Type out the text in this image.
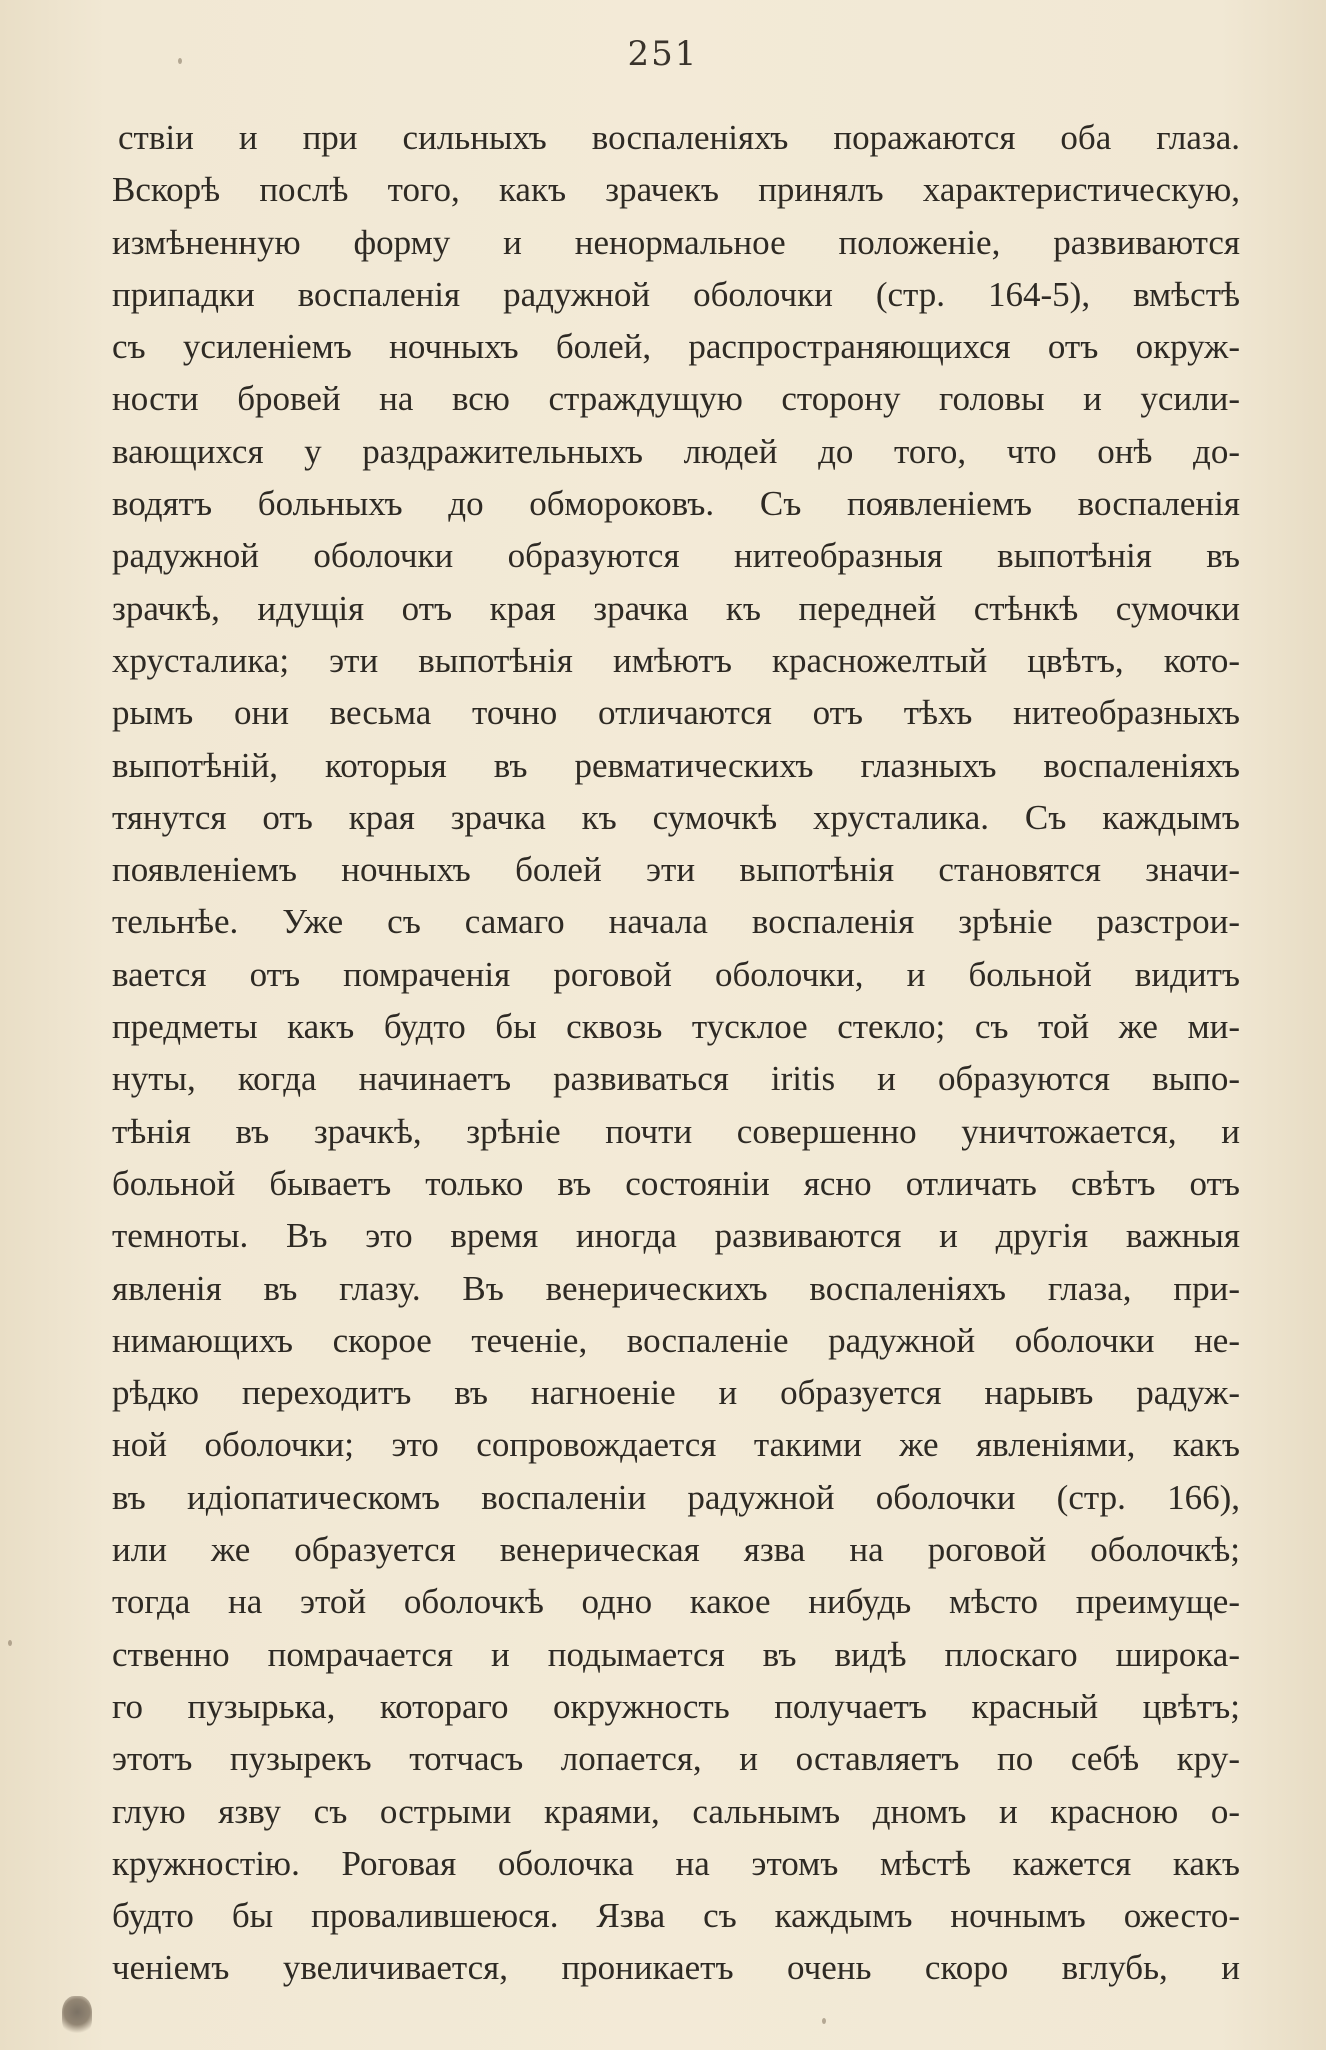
251
ствіи и при сильныхъ воспаленіяхъ поражаются оба глаза.
Вскорѣ послѣ того, какъ зрачекъ принялъ характеристическую,
измѣненную форму и ненормальное положеніе, развиваются
припадки воспаленія радужной оболочки (стр. 164-5), вмѣстѣ
съ усиленіемъ ночныхъ болей, распространяющихся отъ окруж-
ности бровей на всю страждущую сторону головы и усили-
вающихся у раздражительныхъ людей до того, что онѣ до-
водятъ больныхъ до обмороковъ. Съ появленіемъ воспаленія
радужной оболочки образуются нитеобразныя выпотѣнія въ
зрачкѣ, идущія отъ края зрачка къ передней стѣнкѣ сумочки
хрусталика; эти выпотѣнія имѣютъ красножелтый цвѣтъ, кото-
рымъ они весьма точно отличаются отъ тѣхъ нитеобразныхъ
выпотѣній, которыя въ ревматическихъ глазныхъ воспаленіяхъ
тянутся отъ края зрачка къ сумочкѣ хрусталика. Съ каждымъ
появленіемъ ночныхъ болей эти выпотѣнія становятся значи-
тельнѣе. Уже съ самаго начала воспаленія зрѣніе разстрои-
вается отъ помраченія роговой оболочки, и больной видитъ
предметы какъ будто бы сквозь тусклое стекло; съ той же ми-
нуты, когда начинаетъ развиваться iritis и образуются выпо-
тѣнія въ зрачкѣ, зрѣніе почти совершенно уничтожается, и
больной бываетъ только въ состояніи ясно отличать свѣтъ отъ
темноты. Въ это время иногда развиваются и другія важныя
явленія въ глазу. Въ венерическихъ воспаленіяхъ глаза, при-
нимающихъ скорое теченіе, воспаленіе радужной оболочки не-
рѣдко переходитъ въ нагноеніе и образуется нарывъ радуж-
ной оболочки; это сопровождается такими же явленіями, какъ
въ идіопатическомъ воспаленіи радужной оболочки (стр. 166),
или же образуется венерическая язва на роговой оболочкѣ;
тогда на этой оболочкѣ одно какое нибудь мѣсто преимуще-
ственно помрачается и подымается въ видѣ плоскаго широка-
го пузырька, котораго окружность получаетъ красный цвѣтъ;
этотъ пузырекъ тотчасъ лопается, и оставляетъ по себѣ кру-
глую язву съ острыми краями, сальнымъ дномъ и красною о-
кружностію. Роговая оболочка на этомъ мѣстѣ кажется какъ
будто бы провалившеюся. Язва съ каждымъ ночнымъ ожесто-
ченіемъ увеличивается, проникаетъ очень скоро вглубь, и
